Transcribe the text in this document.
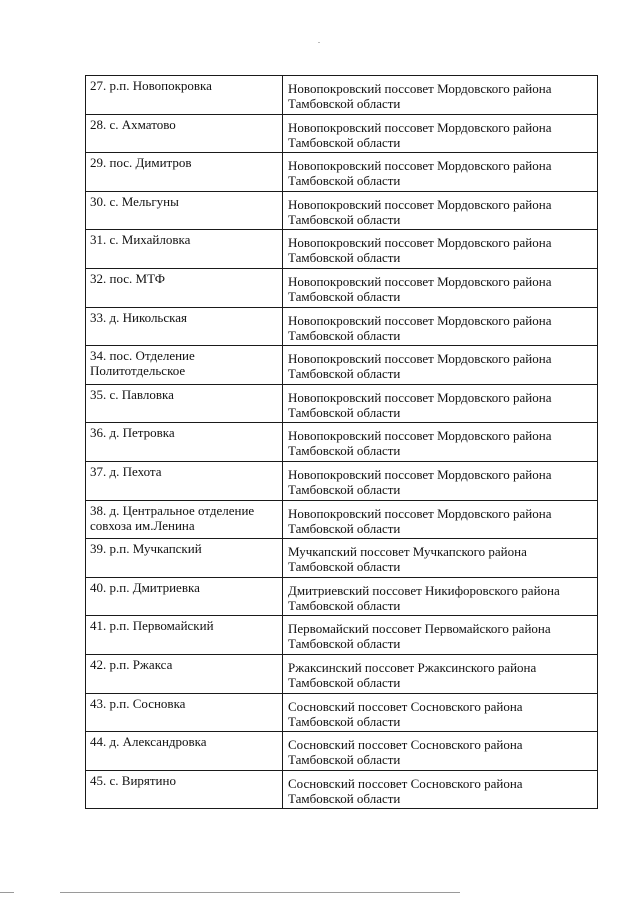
27. р.п. Новопокровка	Новопокровский поссовет Мордовского района
Тамбовской области

28. с. Ахматово	Новопокровский поссовет Мордовского района
Тамбовской области

29. пос. Димитров	Новопокровский поссовет Мордовского района
Тамбовской области

30. с. Мельгуны	Новопокровский поссовет Мордовского района
Тамбовской области

31. с. Михайловка	Новопокровский поссовет Мордовского района
Тамбовской области

32. пос. МТФ	Новопокровский поссовет Мордовского района
Тамбовской области

33. д. Никольская	Новопокровский поссовет Мордовского района
Тамбовской области

34. пос. Отделение Политотдельское	Новопокровский поссовет Мордовского района
Тамбовской области

35. с. Павловка	Новопокровский поссовет Мордовского района
Тамбовской области

36. д. Петровка	Новопокровский поссовет Мордовского района
Тамбовской области

37. д. Пехота	Новопокровский поссовет Мордовского района
Тамбовской области

38. д. Центральное отделение совхоза им.Ленина	Новопокровский поссовет Мордовского района
Тамбовской области

39. р.п. Мучкапский	Мучкапский поссовет Мучкапского района
Тамбовской области

40. р.п. Дмитриевка	Дмитриевский поссовет Никифоровского района
Тамбовской области

41. р.п. Первомайский	Первомайский поссовет Первомайского района
Тамбовской области

42. р.п. Ржакса	Ржаксинский поссовет Ржаксинского района
Тамбовской области

43. р.п. Сосновка	Сосновский поссовет Сосновского района
Тамбовской области

44. д. Александровка	Сосновский поссовет Сосновского района
Тамбовской области

45. с. Вирятино	Сосновский поссовет Сосновского района
Тамбовской области
